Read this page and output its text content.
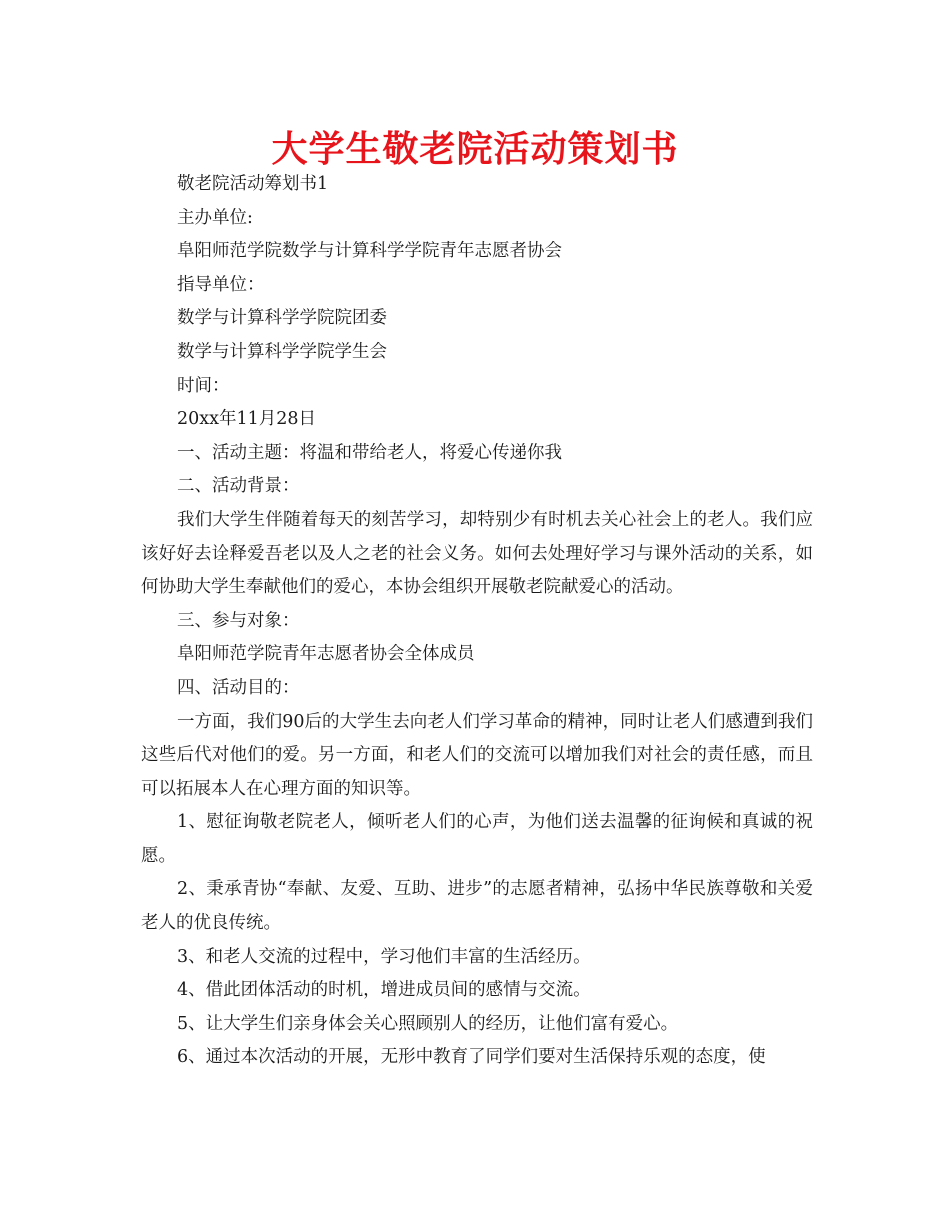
大学生敬老院活动策划书

敬老院活动筹划书1

主办单位:

阜阳师范学院数学与计算科学学院青年志愿者协会

指导单位：

数学与计算科学学院院团委

数学与计算科学学院学生会

时间：

20xx年11月28日

一、活动主题：将温和带给老人，将爱心传递你我

二、活动背景：

我们大学生伴随着每天的刻苦学习，却特别少有时机去关心社会上的老人。我们应该好好去诠释爱吾老以及人之老的社会义务。如何去处理好学习与课外活动的关系，如何协助大学生奉献他们的爱心，本协会组织开展敬老院献爱心的活动。

三、参与对象：

阜阳师范学院青年志愿者协会全体成员

四、活动目的：

一方面，我们90后的大学生去向老人们学习革命的精神，同时让老人们感遭到我们这些后代对他们的爱。另一方面，和老人们的交流可以增加我们对社会的责任感，而且可以拓展本人在心理方面的知识等。

1、慰征询敬老院老人，倾听老人们的心声，为他们送去温馨的征询候和真诚的祝愿。

2、秉承青协“奉献、友爱、互助、进步”的志愿者精神，弘扬中华民族尊敬和关爱老人的优良传统。

3、和老人交流的过程中，学习他们丰富的生活经历。

4、借此团体活动的时机，增进成员间的感情与交流。

5、让大学生们亲身体会关心照顾别人的经历，让他们富有爱心。

6、通过本次活动的开展，无形中教育了同学们要对生活保持乐观的态度，使
